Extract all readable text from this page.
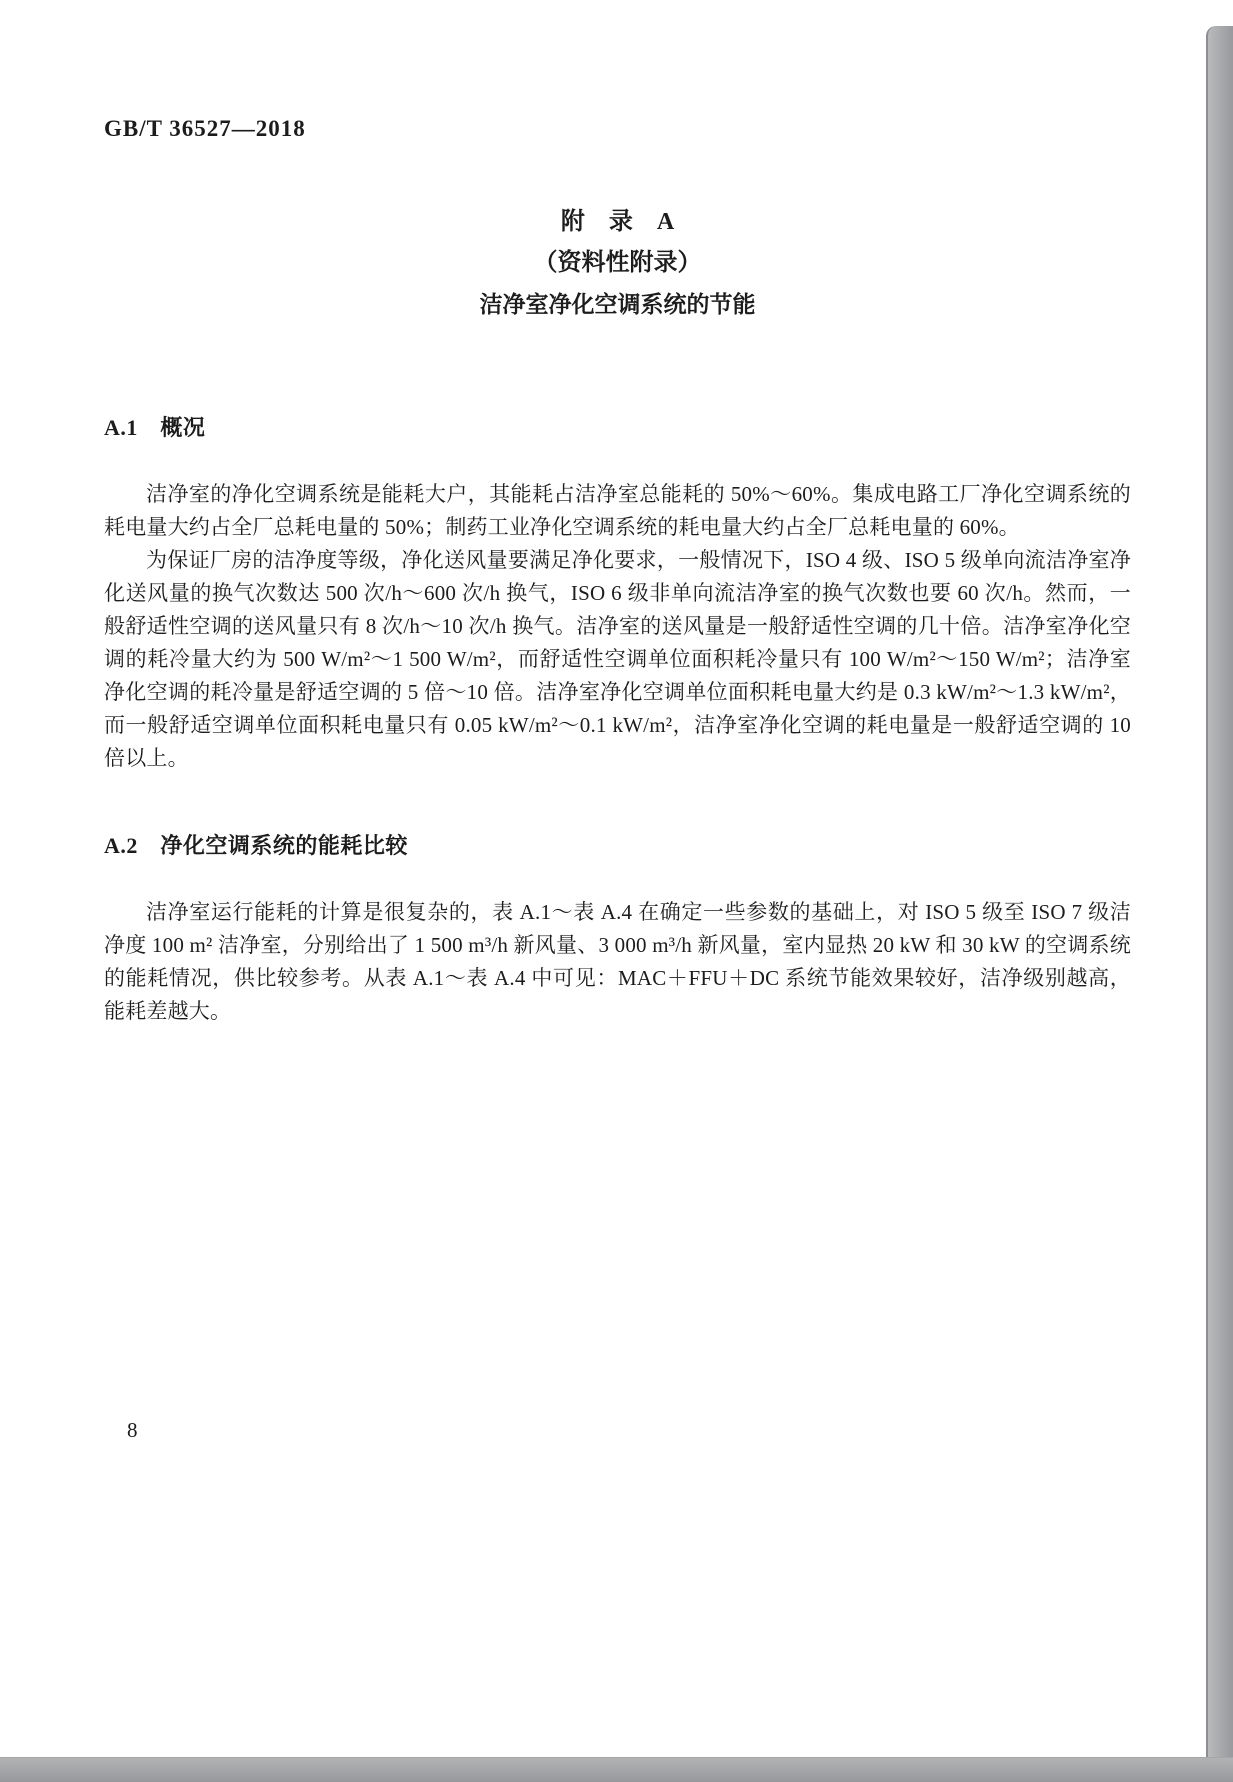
GB/T 36527—2018
附　录　A
（资料性附录）
洁净室净化空调系统的节能
A.1　概况

洁净室的净化空调系统是能耗大户，其能耗占洁净室总能耗的 50%～60%。集成电路工厂净化空调系统的耗电量大约占全厂总耗电量的 50%；制药工业净化空调系统的耗电量大约占全厂总耗电量的 60%。

为保证厂房的洁净度等级，净化送风量要满足净化要求，一般情况下，ISO 4 级、ISO 5 级单向流洁净室净化送风量的换气次数达 500 次/h～600 次/h 换气，ISO 6 级非单向流洁净室的换气次数也要 60 次/h。然而，一般舒适性空调的送风量只有 8 次/h～10 次/h 换气。洁净室的送风量是一般舒适性空调的几十倍。洁净室净化空调的耗冷量大约为 500 W/m²～1 500 W/m²，而舒适性空调单位面积耗冷量只有 100 W/m²～150 W/m²；洁净室净化空调的耗冷量是舒适空调的 5 倍～10 倍。洁净室净化空调单位面积耗电量大约是 0.3 kW/m²～1.3 kW/m²，而一般舒适空调单位面积耗电量只有 0.05 kW/m²～0.1 kW/m²，洁净室净化空调的耗电量是一般舒适空调的 10 倍以上。

A.2　净化空调系统的能耗比较

洁净室运行能耗的计算是很复杂的，表 A.1～表 A.4 在确定一些参数的基础上，对 ISO 5 级至 ISO 7 级洁净度 100 m² 洁净室，分别给出了 1 500 m³/h 新风量、3 000 m³/h 新风量，室内显热 20 kW 和 30 kW 的空调系统的能耗情况，供比较参考。从表 A.1～表 A.4 中可见：MAC＋FFU＋DC 系统节能效果较好，洁净级别越高，能耗差越大。

8
